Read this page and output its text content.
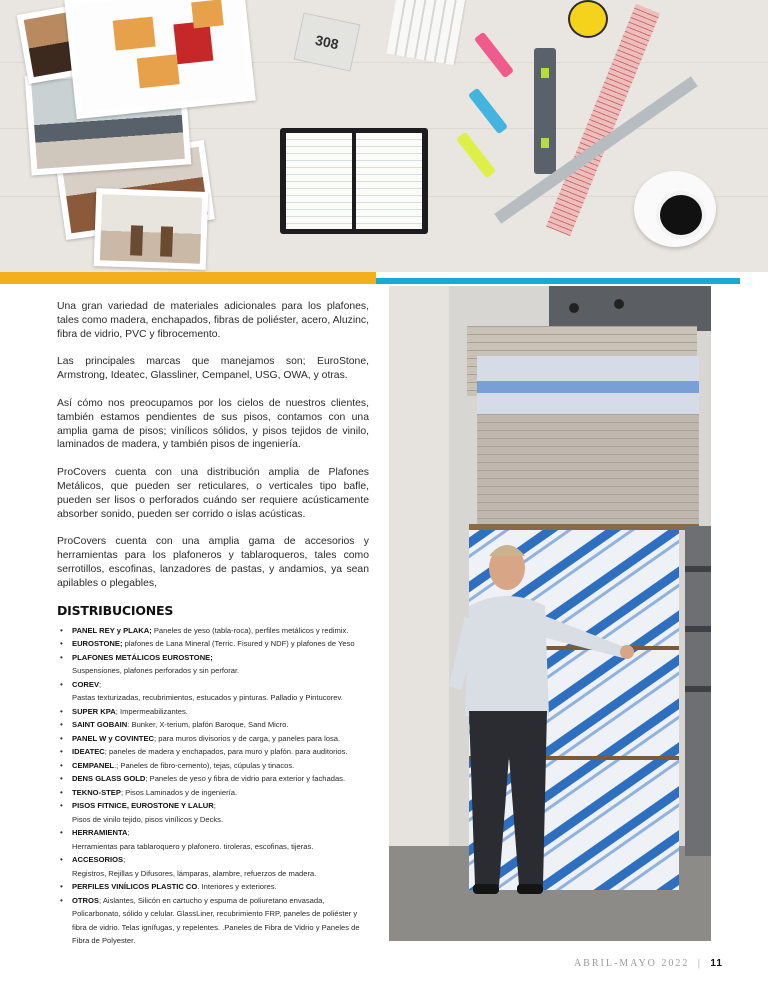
308

Una gran variedad de materiales adicionales para los plafones, tales como madera, enchapados, fibras de poliéster, acero, Aluzinc, fibra de vidrio, PVC y fibrocemento.

Las principales marcas que manejamos son; EuroStone, Armstrong, Ideatec, Glassliner, Cempanel, USG, OWA, y otras.

Así cómo nos preocupamos por los cielos de nuestros clientes, también estamos pendientes de sus pisos, contamos con una amplia gama de pisos; vinílicos sólidos, y pisos tejidos de vinilo, laminados de madera, y también pisos de ingeniería.

ProCovers cuenta con una distribución amplia de Plafones Metálicos, que pueden ser reticulares, o verticales tipo bafle, pueden ser lisos o perforados cuándo ser requiere acústicamente absorber sonido, pueden ser corrido o islas acústicas.

ProCovers cuenta con una amplia gama de accesorios y herramientas para los plafoneros y tablaroqueros, tales como serrotillos, escofinas, lanzadores de pastas, y andamios, ya sean apilables o plegables,

DISTRIBUCIONES
• PANEL REY y PLAKA; Paneles de yeso (tabla-roca), perfiles metálicos y redimix.
• EUROSTONE; plafones de Lana Mineral (Terric. Fisured y NDF) y plafones de Yeso
• PLAFONES METÁLICOS EUROSTONE;
Suspensiones, plafones perforados y sin perforar.
• COREV;
Pastas texturizadas, recubrimientos, estucados y pinturas. Palladio y Pintucorev.
• SUPER KPA; Impermeabilizantes.
• SAINT GOBAIN: Bunker, X-terium, plafón Baroque, Sand Micro.
• PANEL W y COVINTEC; para muros divisorios y de carga, y paneles para losa.
• IDEATEC; paneles de madera y enchapados, para muro y plafón. para auditorios.
• CEMPANEL.; Paneles de fibro-cemento), tejas, cúpulas y tinacos.
• DENS GLASS GOLD; Paneles de yeso y fibra de vidrio para exterior y fachadas.
• TEKNO-STEP; Pisos Laminados y de ingeniería.
• PISOS FITNICE, EUROSTONE Y LALUR;
Pisos de vinilo tejido, pisos vinílicos y Decks.
• HERRAMIENTA;
Herramientas para tablaroquero y plafonero. tiroleras, escofinas, tijeras.
• ACCESORIOS;
Registros, Rejillas y Difusores, lámparas, alambre, refuerzos de madera.
• PERFILES VINÍLICOS PLASTIC CO. Interiores y exteriores.
• OTROS; Aislantes, Silicón en cartucho y espuma de poliuretano envasada, Policarbonato, sólido y celular. GlassLiner, recubrimiento FRP, paneles de poliéster y fibra de vidrio. Telas ignífugas, y repelentes. .Paneles de Fibra de Vidrio y Paneles de Fibra de Polyester.
ABRIL-MAYO 2022 | 11
